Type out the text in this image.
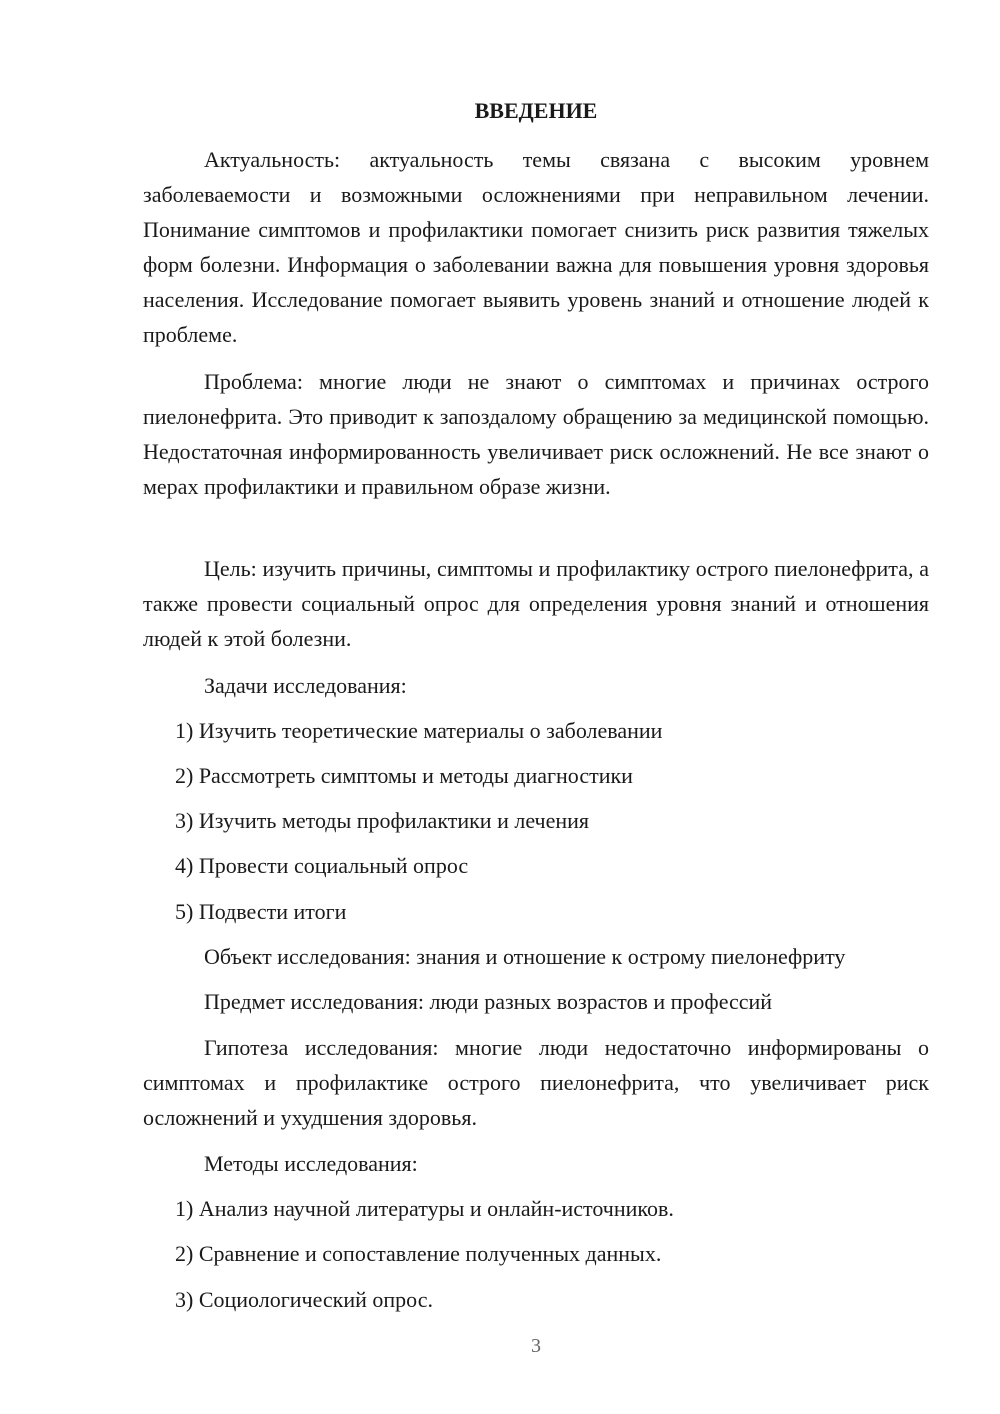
ВВЕДЕНИЕ
Актуальность: актуальность темы связана с высоким уровнем заболеваемости и возможными осложнениями при неправильном лечении. Понимание симптомов и профилактики помогает снизить риск развития тяжелых форм болезни. Информация о заболевании важна для повышения уровня здоровья населения. Исследование помогает выявить уровень знаний и отношение людей к проблеме.
Проблема: многие люди не знают о симптомах и причинах острого пиелонефрита. Это приводит к запоздалому обращению за медицинской помощью. Недостаточная информированность увеличивает риск осложнений. Не все знают о мерах профилактики и правильном образе жизни.
Цель: изучить причины, симптомы и профилактику острого пиелонефрита, а также провести социальный опрос для определения уровня знаний и отношения людей к этой болезни.
Задачи исследования:
1) Изучить теоретические материалы о заболевании
2) Рассмотреть симптомы и методы диагностики
3) Изучить методы профилактики и лечения
4) Провести социальный опрос
5) Подвести итоги
Объект исследования: знания и отношение к острому пиелонефриту
Предмет исследования: люди разных возрастов и профессий
Гипотеза исследования: многие люди недостаточно информированы о симптомах и профилактике острого пиелонефрита, что увеличивает риск осложнений и ухудшения здоровья.
Методы исследования:
1) Анализ научной литературы и онлайн-источников.
2) Сравнение и сопоставление полученных данных.
3) Социологический опрос.
3
